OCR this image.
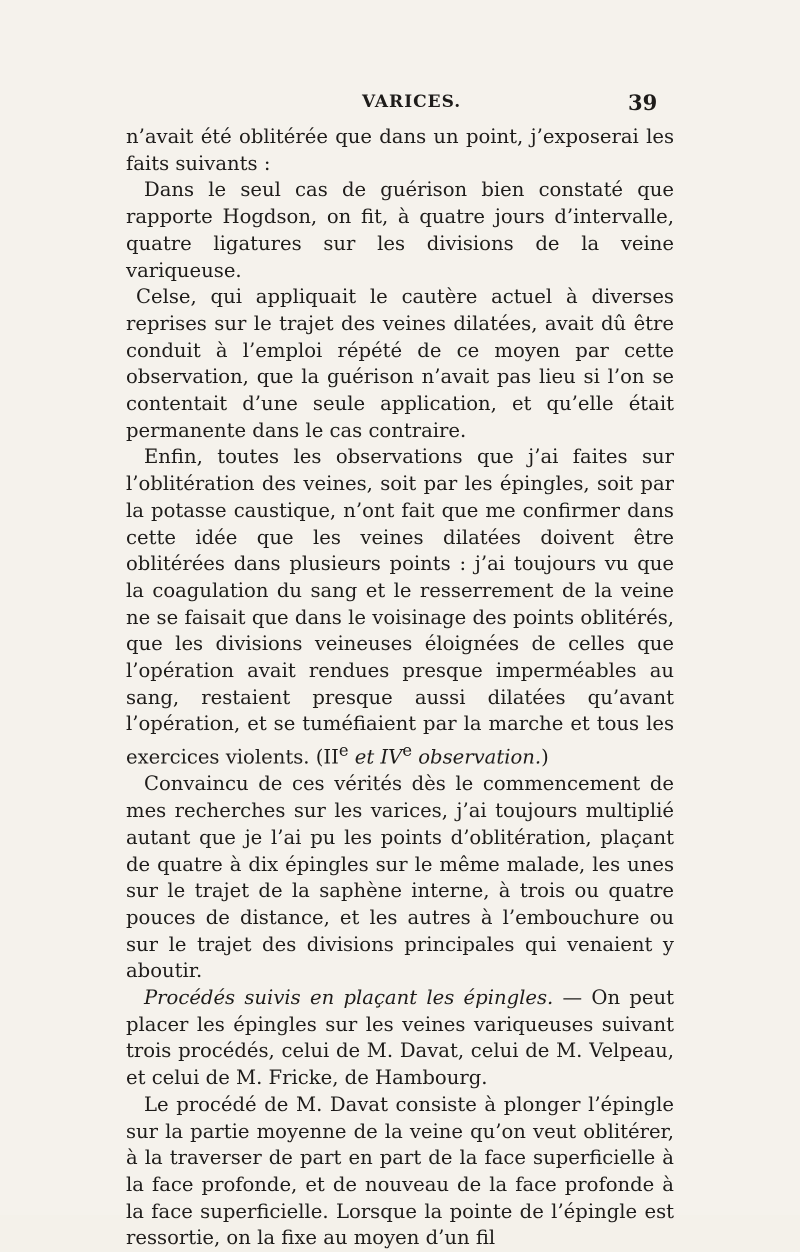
VARICES.	39

n’avait été oblitérée que dans un point, j’exposerai les faits suivants :

Dans le seul cas de guérison bien constaté que rapporte Hogdson, on fit, à quatre jours d’intervalle, quatre ligatures sur les divisions de la veine variqueuse.

Celse, qui appliquait le cautère actuel à diverses reprises sur le trajet des veines dilatées, avait dû être conduit à l’emploi répété de ce moyen par cette observation, que la guérison n’avait pas lieu si l’on se contentait d’une seule application, et qu’elle était permanente dans le cas contraire.

Enfin, toutes les observations que j’ai faites sur l’oblitération des veines, soit par les épingles, soit par la potasse caustique, n’ont fait que me confirmer dans cette idée que les veines dilatées doivent être oblitérées dans plusieurs points : j’ai toujours vu que la coagulation du sang et le resserrement de la veine ne se faisait que dans le voisinage des points oblitérés, que les divisions veineuses éloignées de celles que l’opération avait rendues presque imperméables au sang, restaient presque aussi dilatées qu’avant l’opération, et se tuméfiaient par la marche et tous les exercices violents. (IIe et IVe observation.)

Convaincu de ces vérités dès le commencement de mes recherches sur les varices, j’ai toujours multiplié autant que je l’ai pu les points d’oblitération, plaçant de quatre à dix épingles sur le même malade, les unes sur le trajet de la saphène interne, à trois ou quatre pouces de distance, et les autres à l’embouchure ou sur le trajet des divisions principales qui venaient y aboutir.

Procédés suivis en plaçant les épingles. — On peut placer les épingles sur les veines variqueuses suivant trois procédés, celui de M. Davat, celui de M. Velpeau, et celui de M. Fricke, de Hambourg.

Le procédé de M. Davat consiste à plonger l’épingle sur la partie moyenne de la veine qu’on veut oblitérer, à la traverser de part en part de la face superficielle à la face profonde, et de nouveau de la face profonde à la face superficielle. Lorsque la pointe de l’épingle est ressortie, on la fixe au moyen d’un fil
